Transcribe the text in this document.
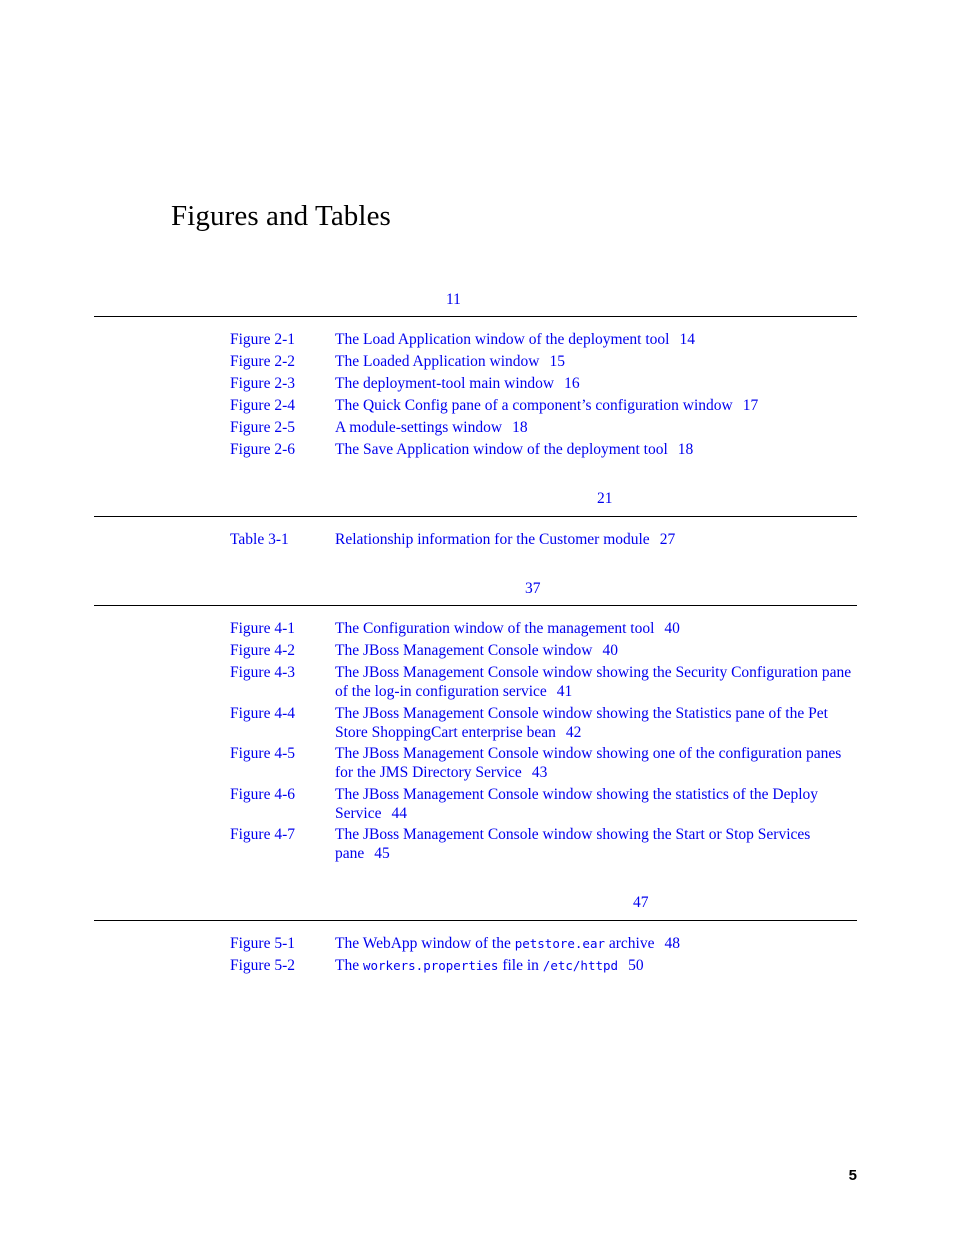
Figures and Tables
11
Figure 2-1	The Load Application window of the deployment tool 14
Figure 2-2	The Loaded Application window 15
Figure 2-3	The deployment-tool main window 16
Figure 2-4	The Quick Config pane of a component’s configuration window 17
Figure 2-5	A module-settings window 18
Figure 2-6	The Save Application window of the deployment tool 18
21
Table 3-1	Relationship information for the Customer module 27
37
Figure 4-1	The Configuration window of the management tool 40
Figure 4-2	The JBoss Management Console window 40
Figure 4-3	The JBoss Management Console window showing the Security Configuration pane of the log-in configuration service 41
Figure 4-4	The JBoss Management Console window showing the Statistics pane of the Pet Store ShoppingCart enterprise bean 42
Figure 4-5	The JBoss Management Console window showing one of the configuration panes for the JMS Directory Service 43
Figure 4-6	The JBoss Management Console window showing the statistics of the Deploy Service 44
Figure 4-7	The JBoss Management Console window showing the Start or Stop Services pane 45
47
Figure 5-1	The WebApp window of the petstore.ear archive 48
Figure 5-2	The workers.properties file in /etc/httpd 50
5
